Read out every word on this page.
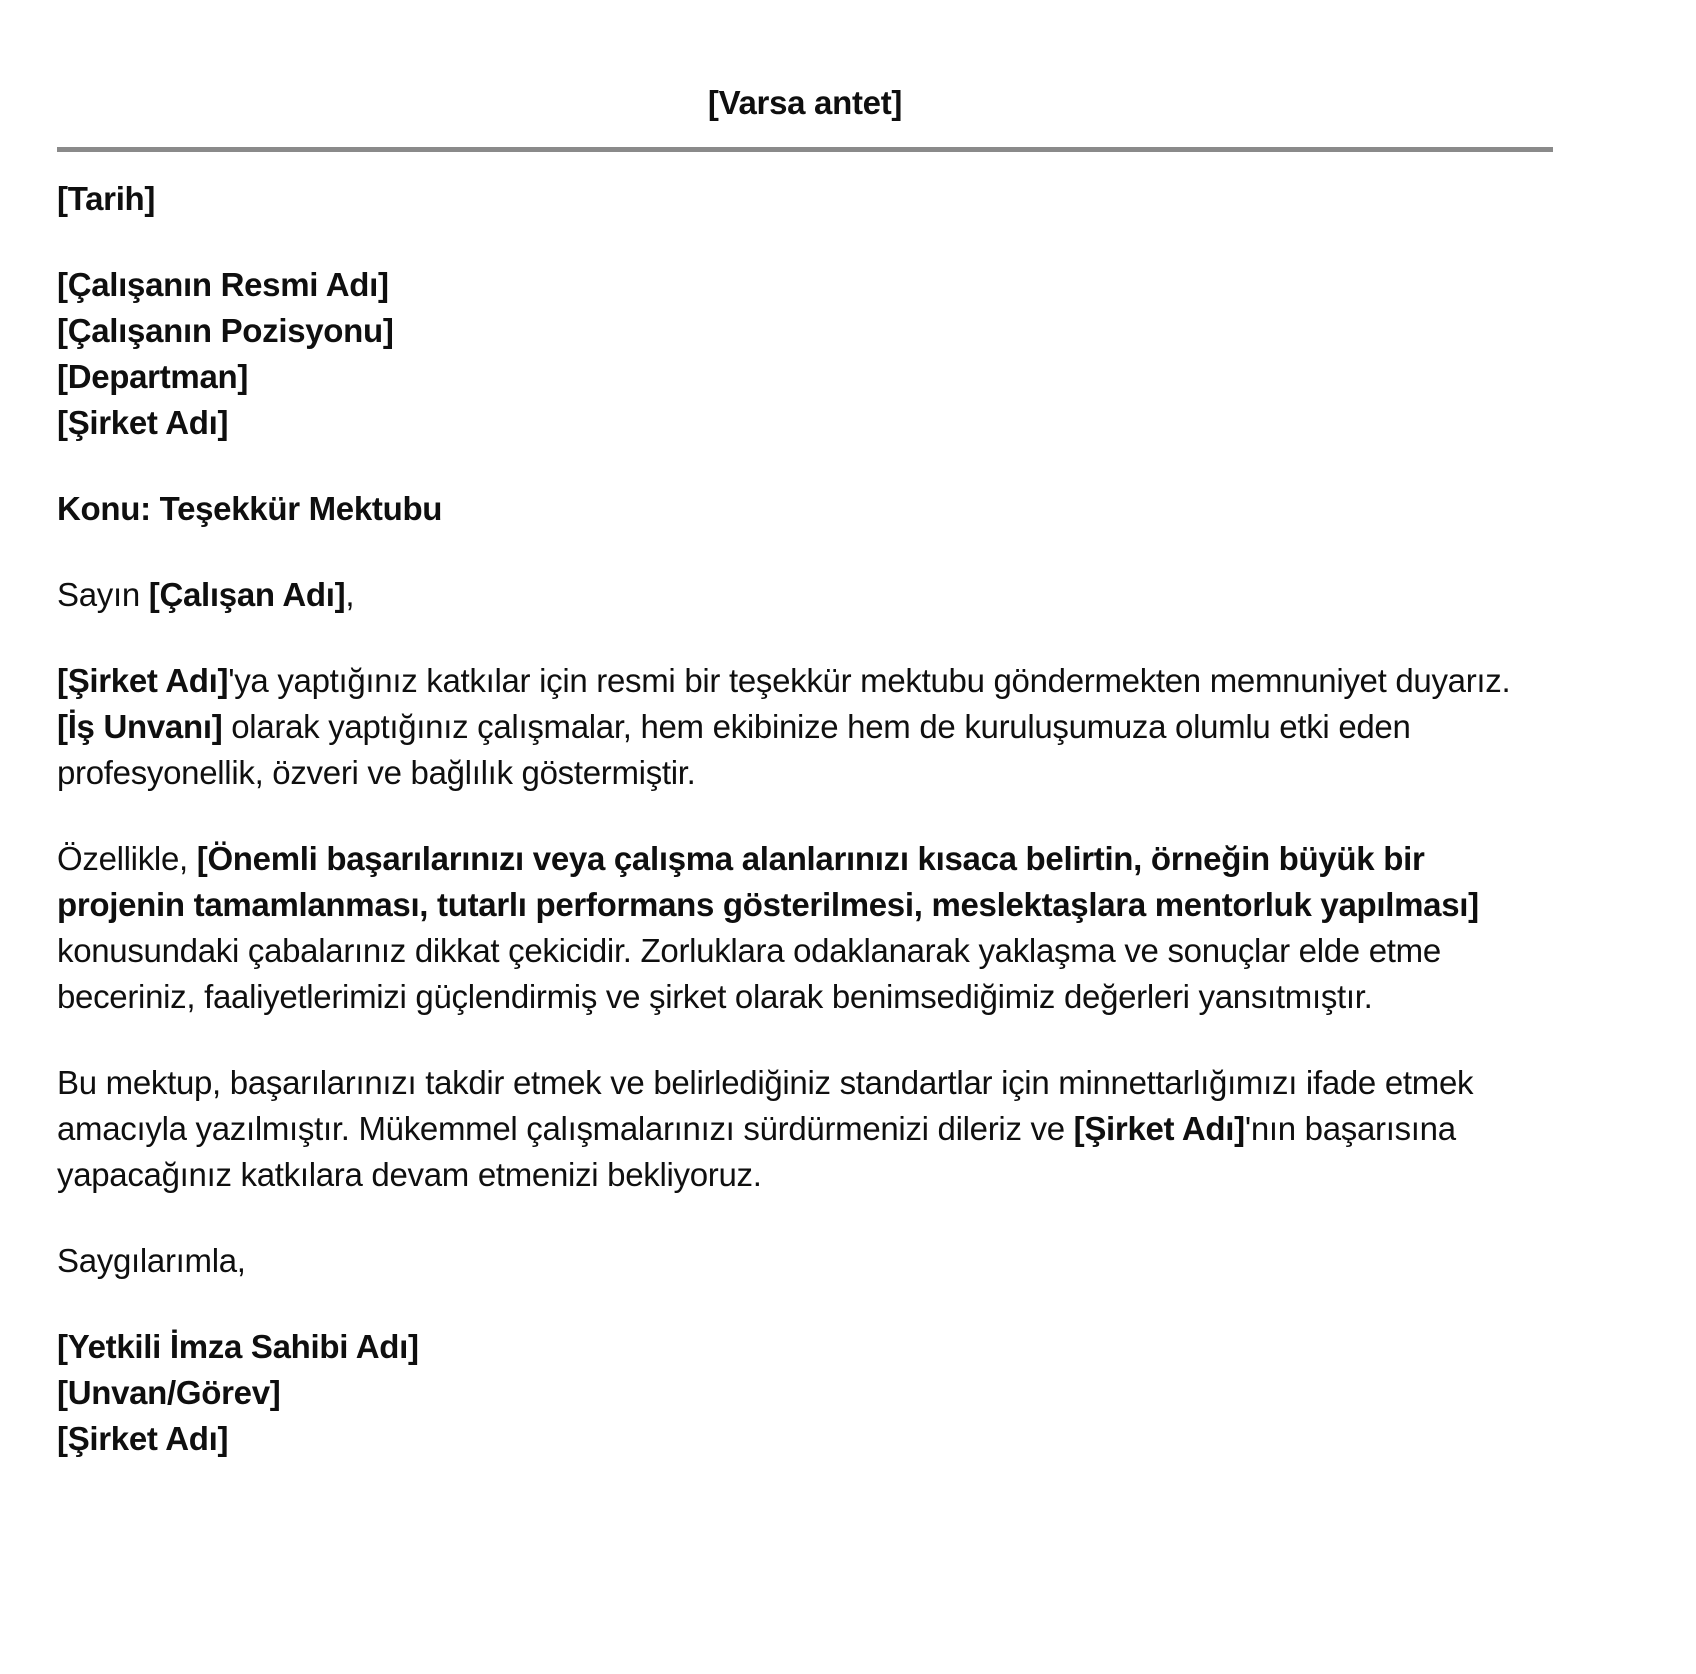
[Varsa antet]
[Tarih]
[Çalışanın Resmi Adı]
[Çalışanın Pozisyonu]
[Departman]
[Şirket Adı]
Konu: Teşekkür Mektubu

Sayın [Çalışan Adı],

[Şirket Adı]'ya yaptığınız katkılar için resmi bir teşekkür mektubu göndermekten memnuniyet duyarız. [İş Unvanı] olarak yaptığınız çalışmalar, hem ekibinize hem de kuruluşumuza olumlu etki eden profesyonellik, özveri ve bağlılık göstermiştir.

Özellikle, [Önemli başarılarınızı veya çalışma alanlarınızı kısaca belirtin, örneğin büyük bir projenin tamamlanması, tutarlı performans gösterilmesi, meslektaşlara mentorluk yapılması] konusundaki çabalarınız dikkat çekicidir. Zorluklara odaklanarak yaklaşma ve sonuçlar elde etme beceriniz, faaliyetlerimizi güçlendirmiş ve şirket olarak benimsediğimiz değerleri yansıtmıştır.

Bu mektup, başarılarınızı takdir etmek ve belirlediğiniz standartlar için minnettarlığımızı ifade etmek amacıyla yazılmıştır. Mükemmel çalışmalarınızı sürdürmenizi dileriz ve [Şirket Adı]'nın başarısına yapacağınız katkılara devam etmenizi bekliyoruz.

Saygılarımla,

[Yetkili İmza Sahibi Adı]
[Unvan/Görev]
[Şirket Adı]
